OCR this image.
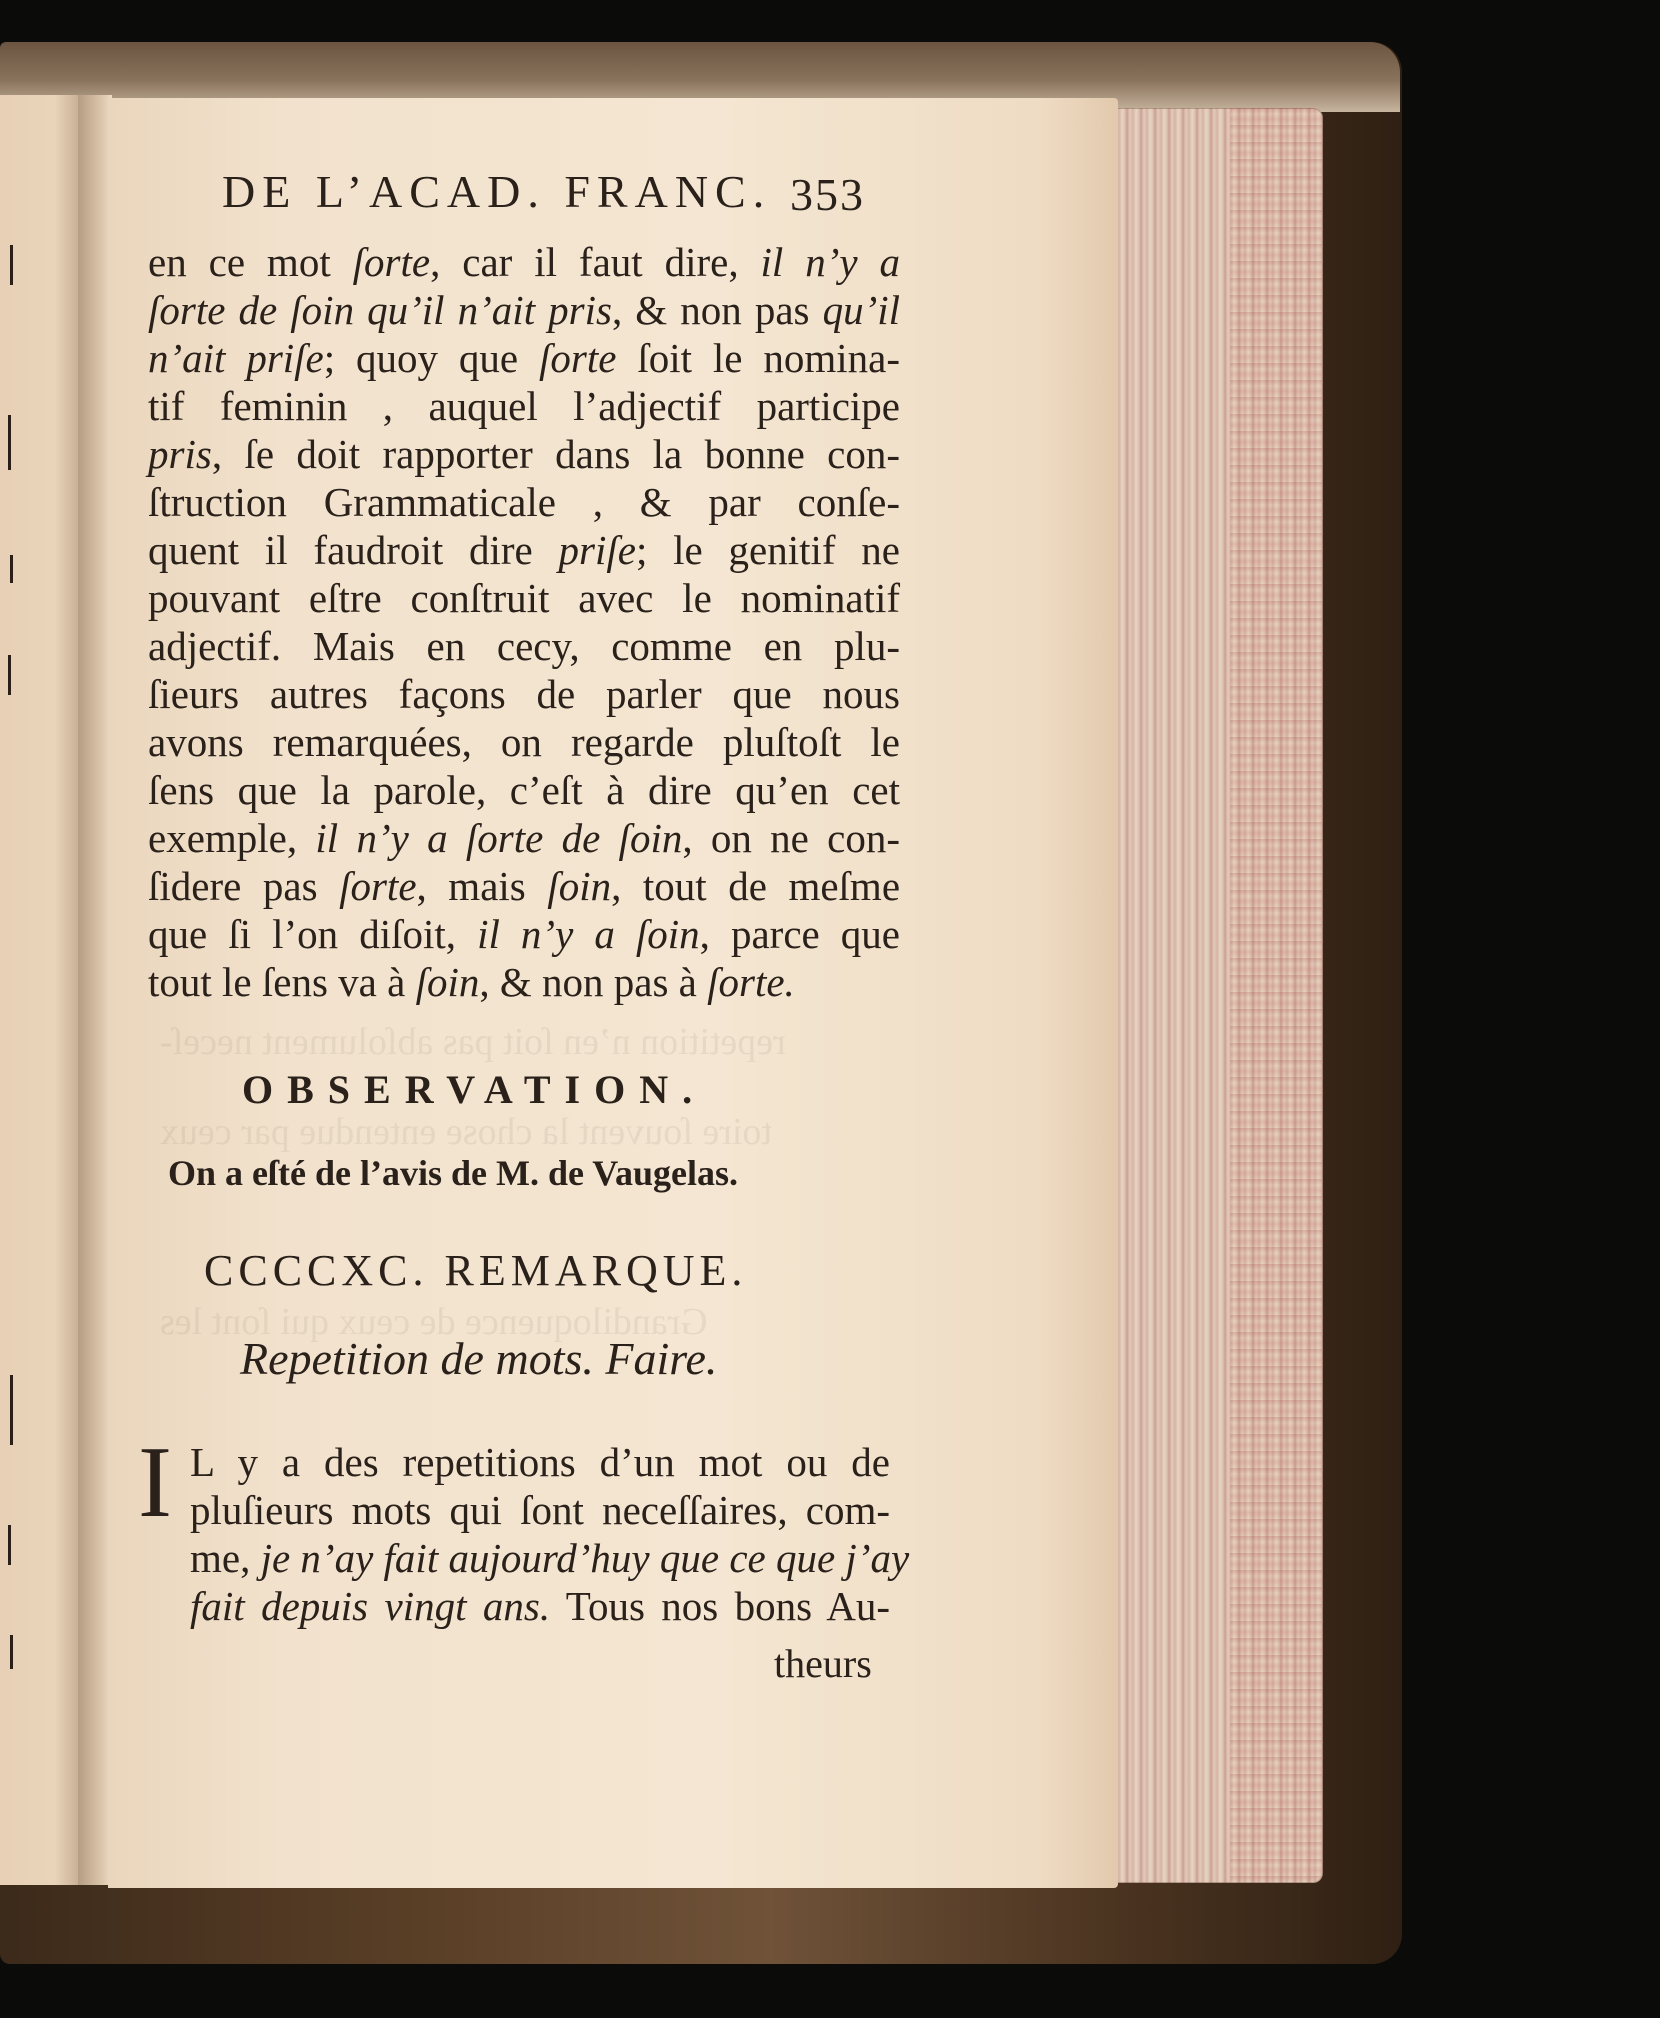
repetition n’en ſoit pas abſolument neceſ-
toire ſouvent la chose entendue par ceux
Grandiloquence de ceux qui ſont les
DE L’ACAD. FRANC. 353
en ce mot ſorte, car il faut dire, il n’y a
ſorte de ſoin qu’il n’ait pris, & non pas qu’il
n’ait priſe; quoy que ſorte ſoit le nomina-
tif feminin , auquel l’adjectif participe
pris, ſe doit rapporter dans la bonne con-
ſtruction Grammaticale , & par conſe-
quent il faudroit dire priſe; le genitif ne
pouvant eſtre conſtruit avec le nominatif
adjectif. Mais en cecy, comme en plu-
ſieurs autres façons de parler que nous
avons remarquées, on regarde pluſtoſt le
ſens que la parole, c’eſt à dire qu’en cet
exemple, il n’y a ſorte de ſoin, on ne con-
ſidere pas ſorte, mais ſoin, tout de meſme
que ſi l’on diſoit, il n’y a ſoin, parce que
tout le ſens va à ſoin, & non pas à ſorte.
OBSERVATION.
On a eſté de l’avis de M. de Vaugelas.
CCCCXC. REMARQUE.
Repetition de mots. Faire.
I L y a des repetitions d’un mot ou de
pluſieurs mots qui ſont neceſſaires, com-
me, je n’ay fait aujourd’huy que ce que j’ay
fait depuis vingt ans. Tous nos bons Au-
theurs
